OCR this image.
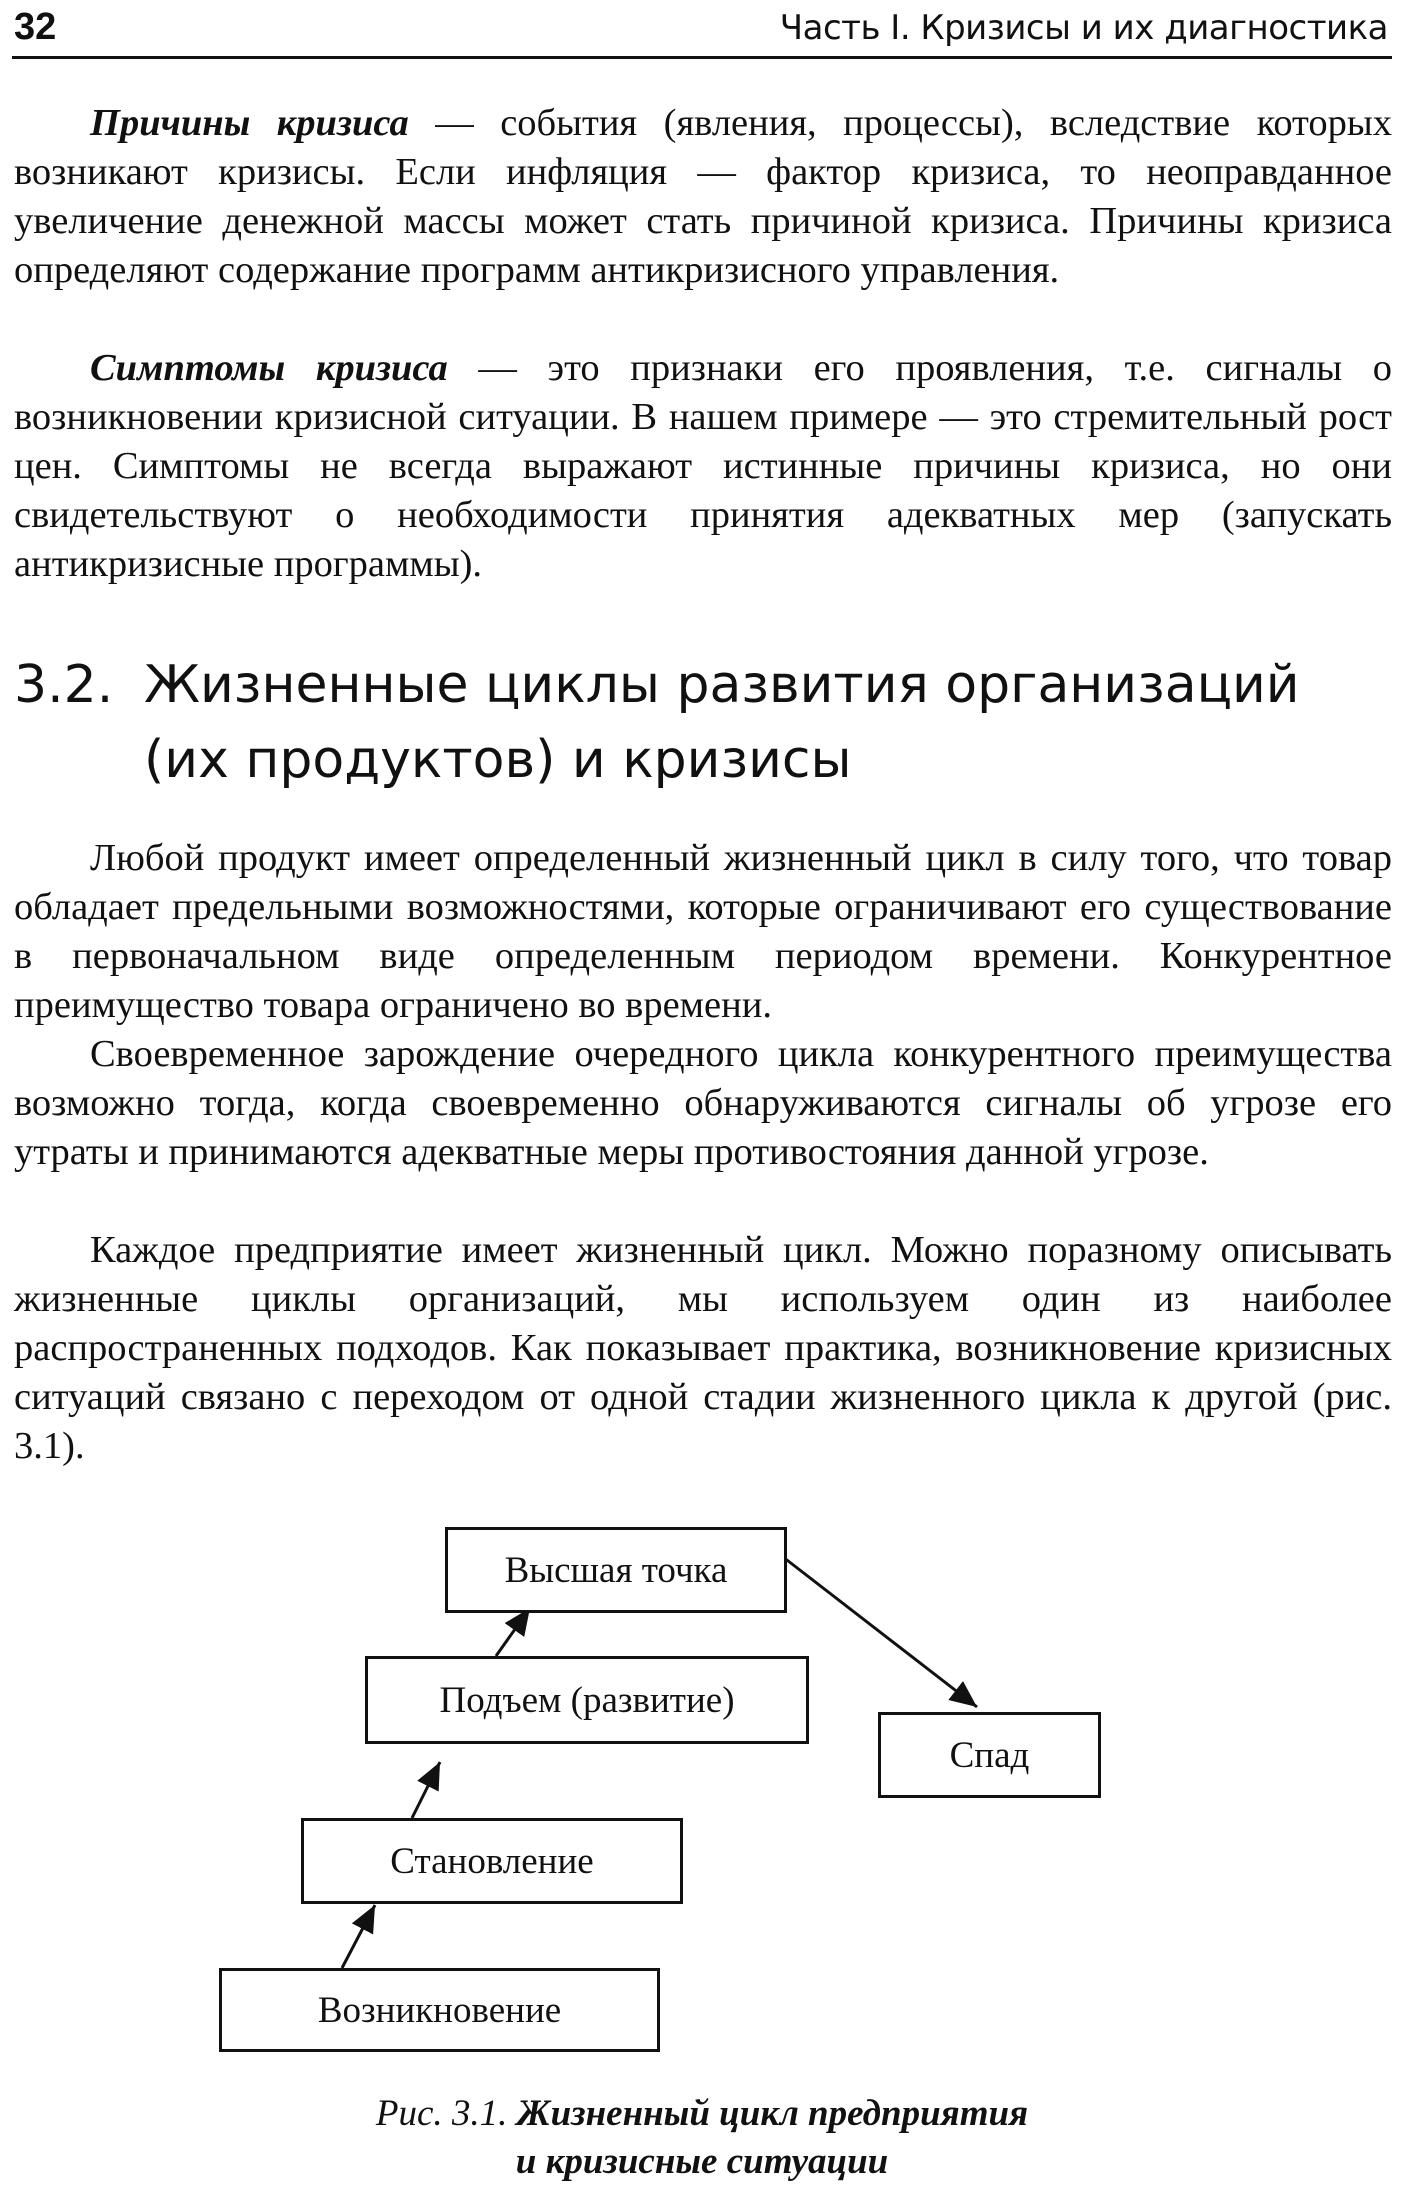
32	Часть I. Кризисы и их диагностика

Причины кризиса — события (явления, процессы), вследствие которых возникают кризисы. Если инфляция — фактор кризиса, то неоправданное увеличение денежной массы может стать причиной кризиса. Причины кризиса определяют содержание программ антикризисного управления.

Симптомы кризиса — это признаки его проявления, т.е. сигналы о возникновении кризисной ситуации. В нашем примере — это стремительный рост цен. Симптомы не всегда выражают истинные причины кризиса, но они свидетельствуют о необходимости принятия адекватных мер (запускать антикризисные программы).

3.2. Жизненные циклы развития организаций
(их продуктов) и кризисы

Любой продукт имеет определенный жизненный цикл в силу того, что товар обладает предельными возможностями, которые ограничивают его существование в первоначальном виде определенным периодом времени. Конкурентное преимущество товара ограничено во времени.

Своевременное зарождение очередного цикла конкурентного преимущества возможно тогда, когда своевременно обнаруживаются сигналы об угрозе его утраты и принимаются адекватные меры противостояния данной угрозе.

Каждое предприятие имеет жизненный цикл. Можно поразному описывать жизненные циклы организаций, мы используем один из наиболее распространенных подходов. Как показывает практика, возникновение кризисных ситуаций связано с переходом от одной стадии жизненного цикла к другой (рис. 3.1).

Возникновение
Становление
Подъем (развитие)
Высшая точка
Спад
Рис. 3.1. Жизненный цикл предприятия
и кризисные ситуации
